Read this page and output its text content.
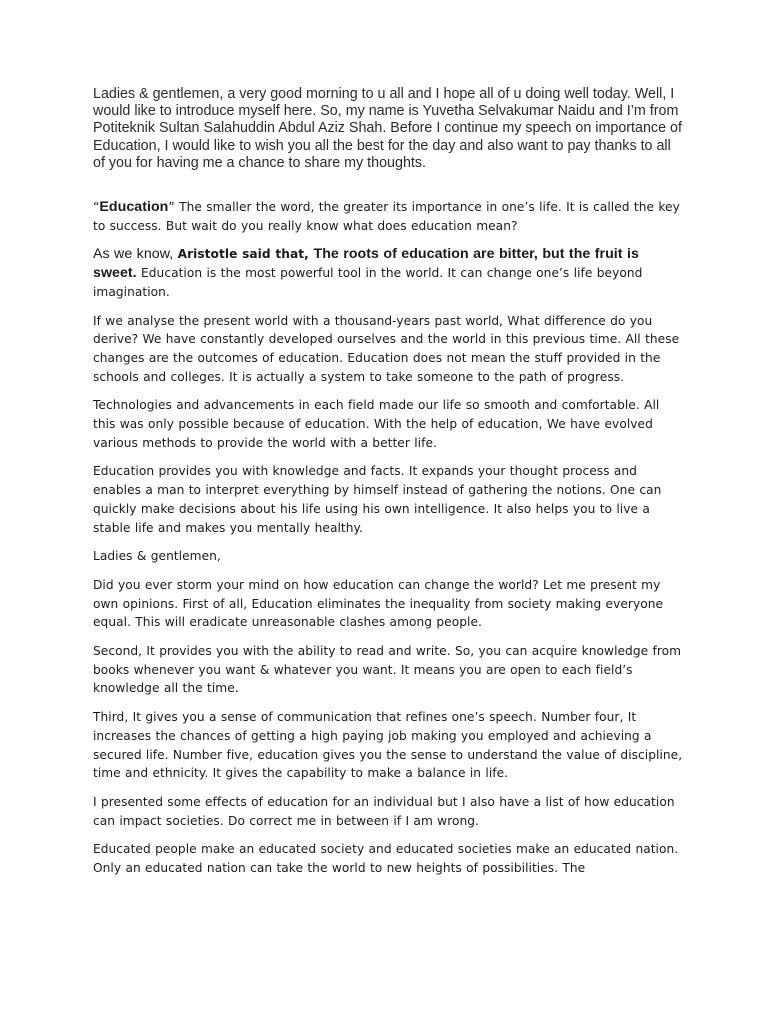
Ladies & gentlemen, a very good morning to u all and I hope all of u doing well today. Well, I would like to introduce myself here. So, my name is Yuvetha Selvakumar Naidu and I’m from Potiteknik Sultan Salahuddin Abdul Aziz Shah. Before I continue my speech on importance of Education, I would like to wish you all the best for the day and also want to pay thanks to all of you for having me a chance to share my thoughts.

“Education” The smaller the word, the greater its importance in one’s life. It is called the key to success. But wait do you really know what does education mean?

As we know, Aristotle said that, The roots of education are bitter, but the fruit is sweet. Education is the most powerful tool in the world. It can change one’s life beyond imagination.

If we analyse the present world with a thousand-years past world, What difference do you derive? We have constantly developed ourselves and the world in this previous time. All these changes are the outcomes of education. Education does not mean the stuff provided in the schools and colleges. It is actually a system to take someone to the path of progress.

Technologies and advancements in each field made our life so smooth and comfortable. All this was only possible because of education. With the help of education, We have evolved various methods to provide the world with a better life.

Education provides you with knowledge and facts. It expands your thought process and enables a man to interpret everything by himself instead of gathering the notions. One can quickly make decisions about his life using his own intelligence. It also helps you to live a stable life and makes you mentally healthy.

Ladies & gentlemen,

Did you ever storm your mind on how education can change the world? Let me present my own opinions. First of all, Education eliminates the inequality from society making everyone equal. This will eradicate unreasonable clashes among people.

Second, It provides you with the ability to read and write. So, you can acquire knowledge from books whenever you want & whatever you want. It means you are open to each field’s knowledge all the time.

Third, It gives you a sense of communication that refines one’s speech. Number four, It increases the chances of getting a high paying job making you employed and achieving a secured life. Number five, education gives you the sense to understand the value of discipline, time and ethnicity. It gives the capability to make a balance in life.

I presented some effects of education for an individual but I also have a list of how education can impact societies. Do correct me in between if I am wrong.

Educated people make an educated society and educated societies make an educated nation. Only an educated nation can take the world to new heights of possibilities. The
